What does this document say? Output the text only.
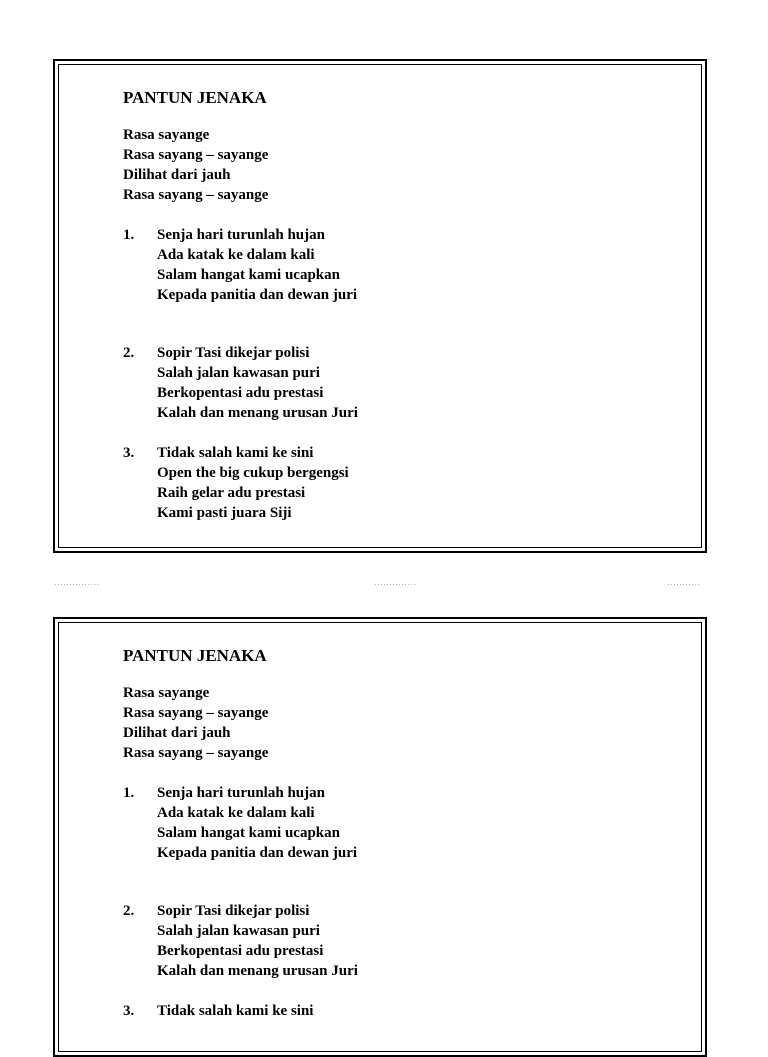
PANTUN JENAKA
Rasa sayange
Rasa sayang – sayange
Dilihat dari jauh
Rasa sayang – sayange
1. Senja hari turunlah hujan
Ada katak ke dalam kali
Salam hangat kami ucapkan
Kepada panitia dan dewan juri
2. Sopir Tasi dikejar polisi
Salah jalan kawasan puri
Berkopentasi adu prestasi
Kalah dan menang urusan Juri
3. Tidak salah kami ke sini
Open the big cukup bergengsi
Raih gelar adu prestasi
Kami pasti juara Siji
...............	..............	...........
PANTUN JENAKA
Rasa sayange
Rasa sayang – sayange
Dilihat dari jauh
Rasa sayang – sayange
1. Senja hari turunlah hujan
Ada katak ke dalam kali
Salam hangat kami ucapkan
Kepada panitia dan dewan juri
2. Sopir Tasi dikejar polisi
Salah jalan kawasan puri
Berkopentasi adu prestasi
Kalah dan menang urusan Juri
3. Tidak salah kami ke sini
